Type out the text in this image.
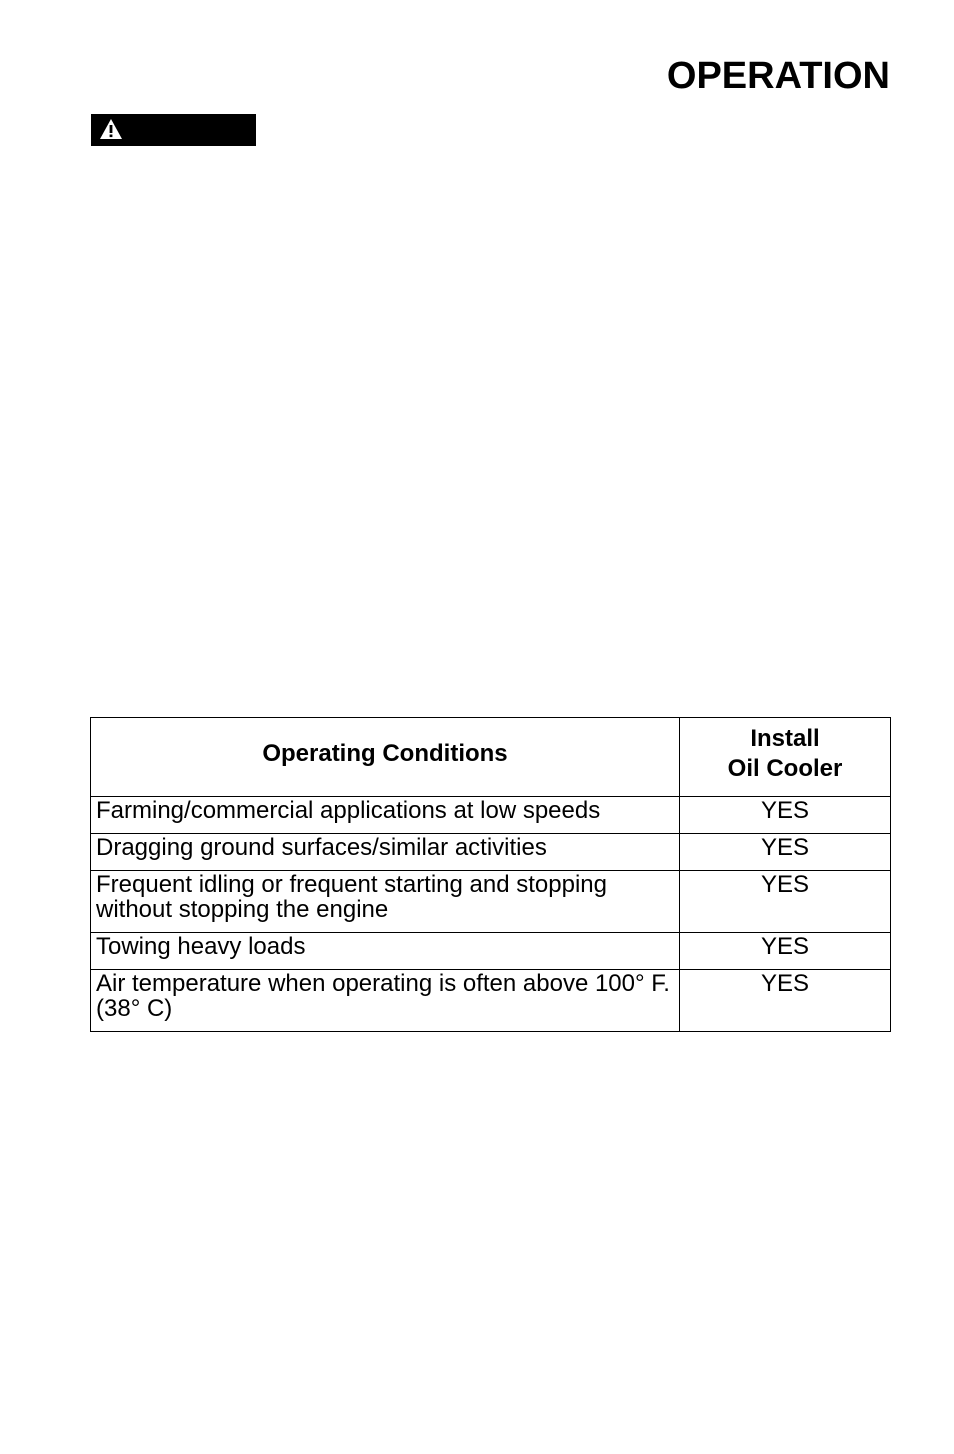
OPERATION
Operating Conditions	Install
Oil Cooler

Farming/commercial applications at low speeds	YES
Dragging ground surfaces/similar activities	YES
Frequent idling or frequent starting and stopping without stopping the engine	YES
Towing heavy loads	YES
Air temperature when operating is often above 100° F. (38° C)	YES
